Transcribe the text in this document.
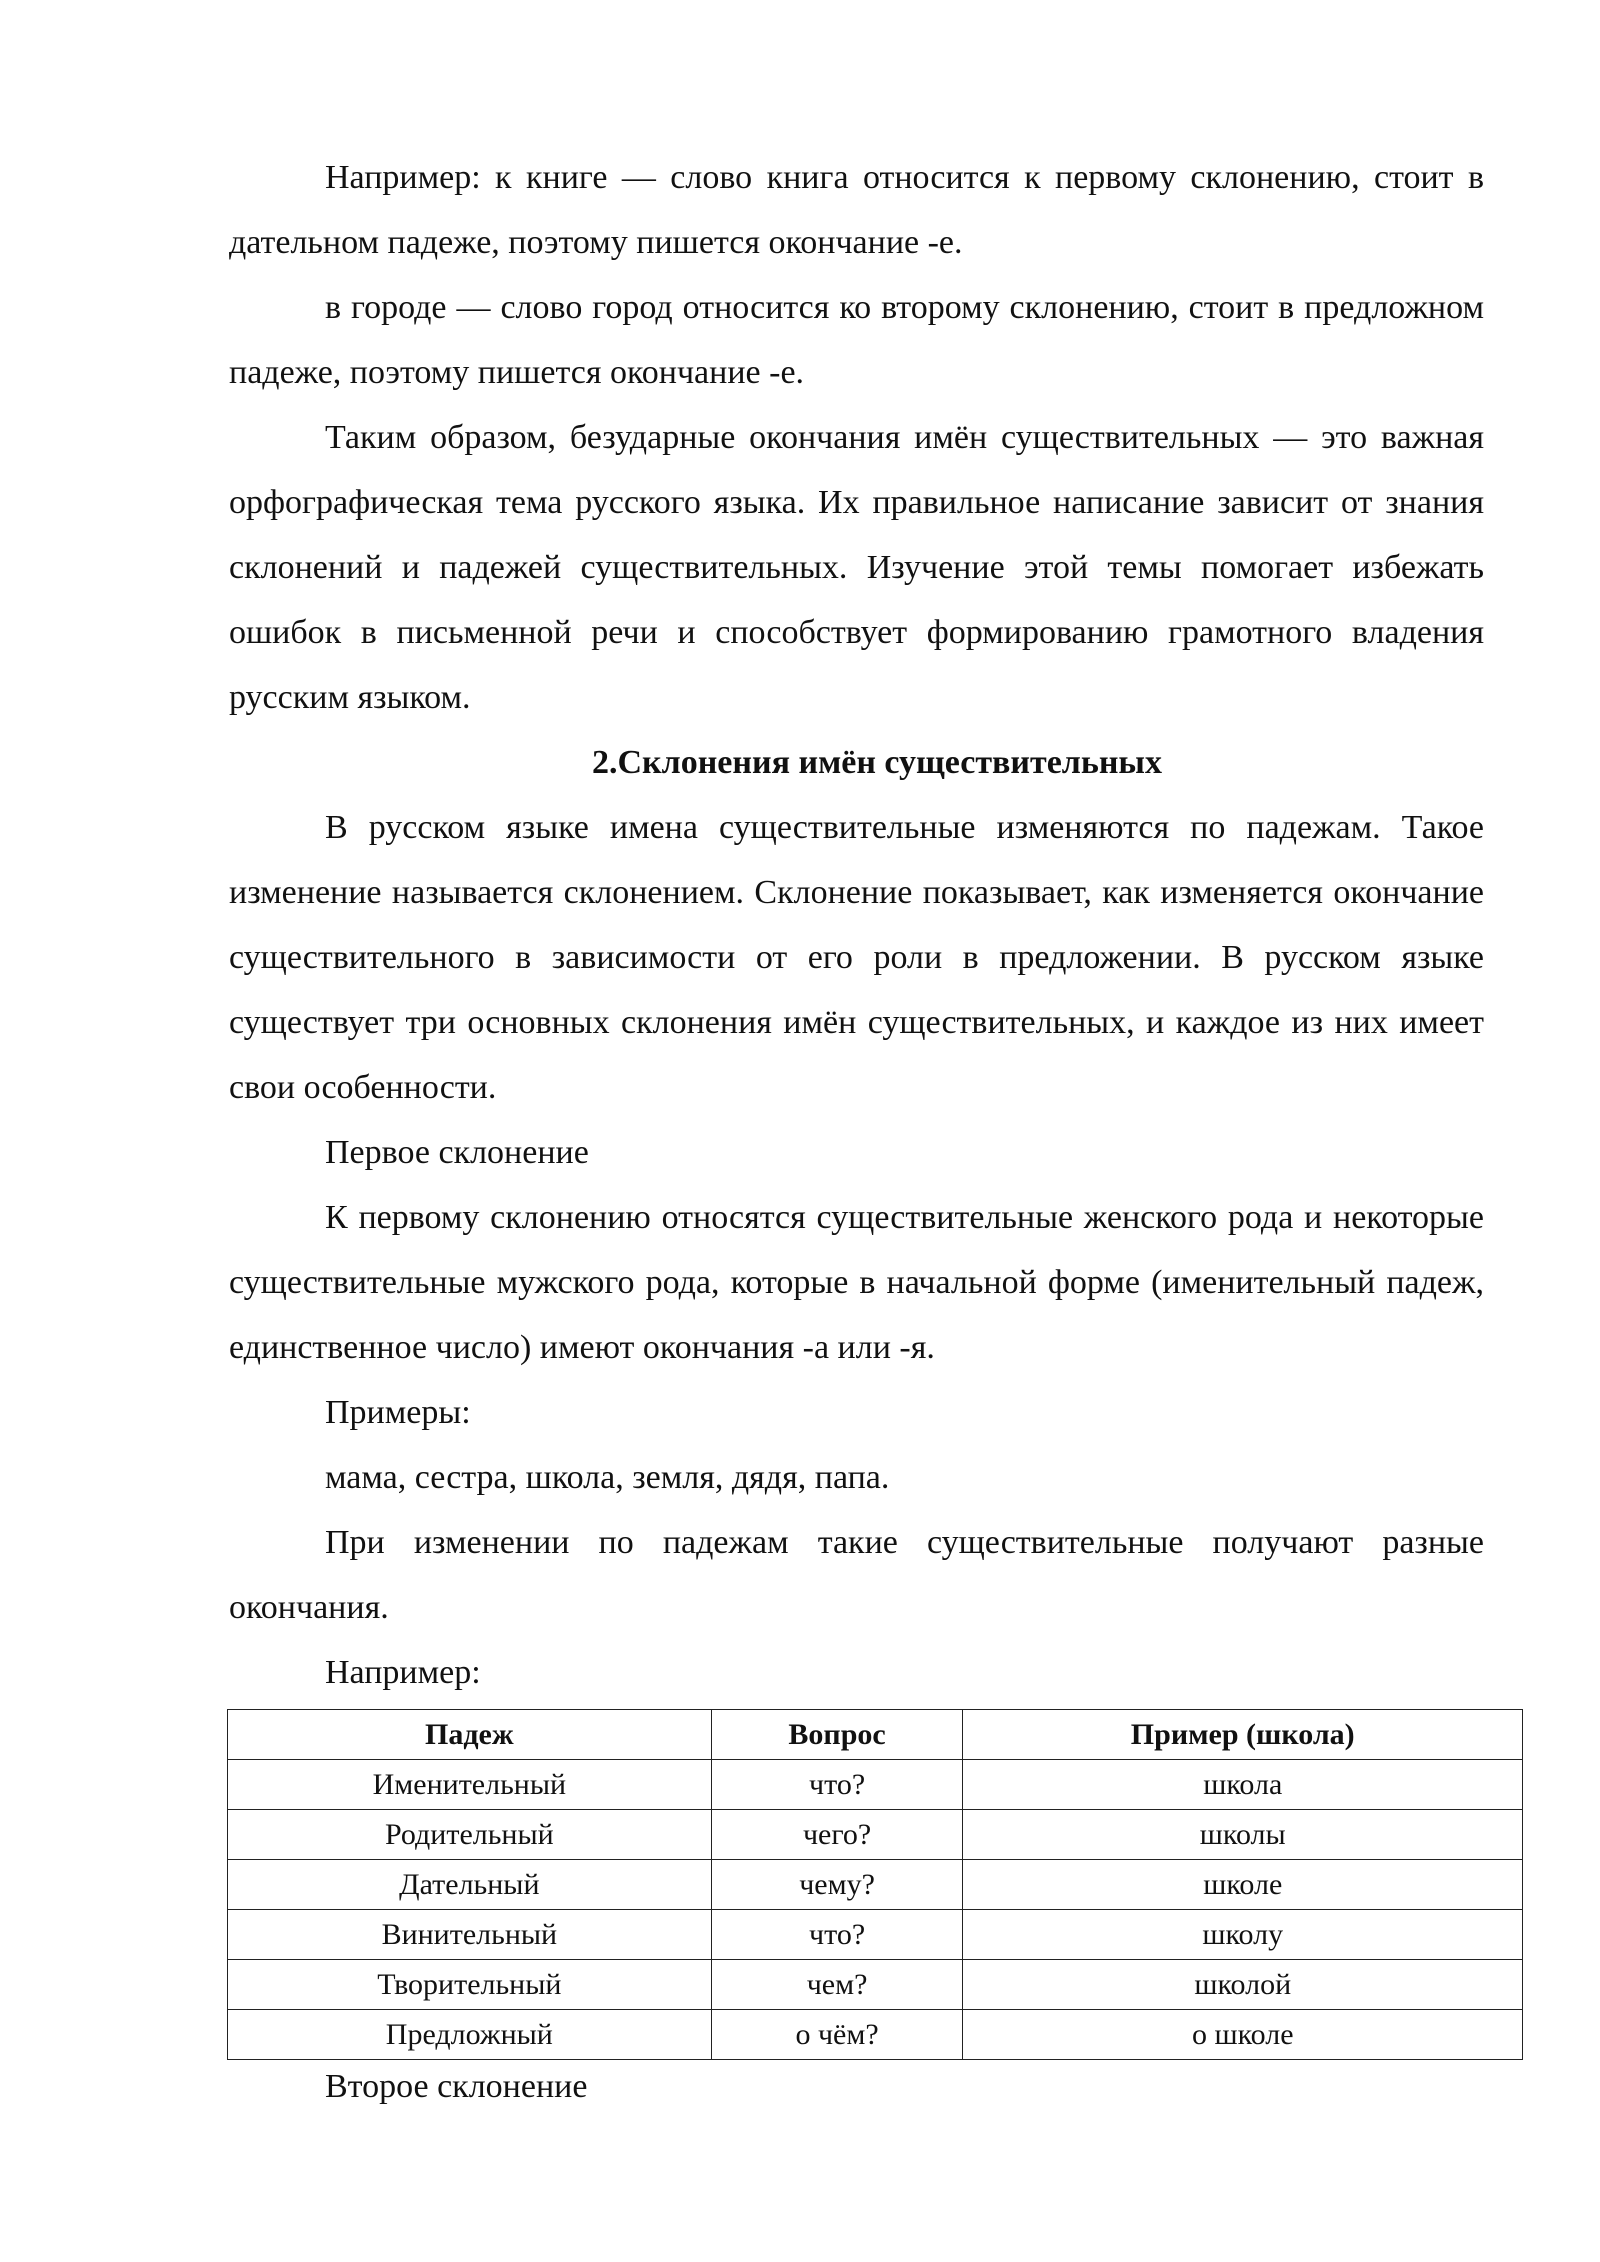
Например: к книге — слово книга относится к первому склонению, стоит в дательном падеже, поэтому пишется окончание -е.

в городе — слово город относится ко второму склонению, стоит в предложном падеже, поэтому пишется окончание -е.

Таким образом, безударные окончания имён существительных — это важная орфографическая тема русского языка. Их правильное написание зависит от знания склонений и падежей существительных. Изучение этой темы помогает избежать ошибок в письменной речи и способствует формированию грамотного владения русским языком.

2.Склонения имён существительных

В русском языке имена существительные изменяются по падежам. Такое изменение называется склонением. Склонение показывает, как изменяется окончание существительного в зависимости от его роли в предложении. В русском языке существует три основных склонения имён существительных, и каждое из них имеет свои особенности.

Первое склонение

К первому склонению относятся существительные женского рода и некоторые существительные мужского рода, которые в начальной форме (именительный падеж, единственное число) имеют окончания -а или -я.

Примеры:

мама, сестра, школа, земля, дядя, папа.

При изменении по падежам такие существительные получают разные окончания.

Например:

Падеж	Вопрос	Пример (школа)
Именительный	что?	школа
Родительный	чего?	школы
Дательный	чему?	школе
Винительный	что?	школу
Творительный	чем?	школой
Предложный	о чём?	о школе

Второе склонение
